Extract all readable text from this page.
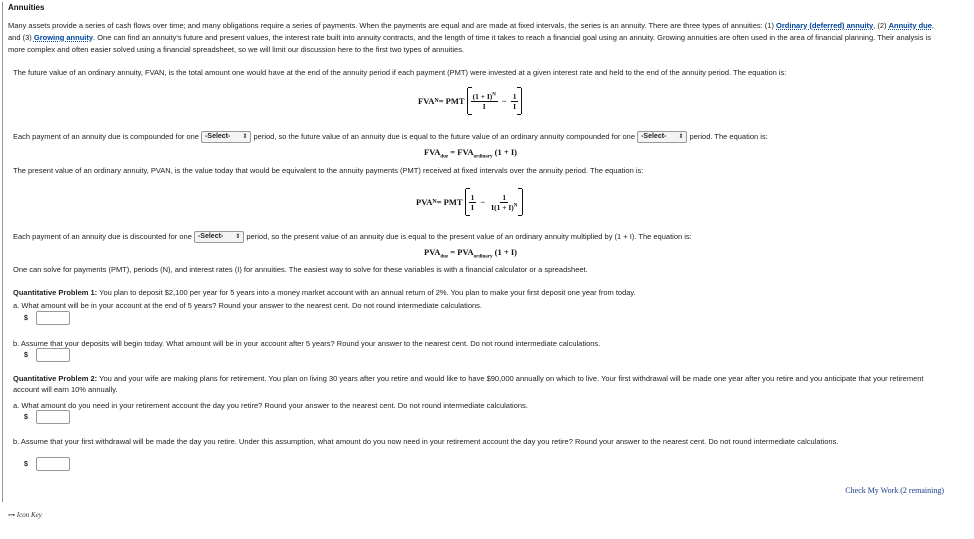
Annuities
Many assets provide a series of cash flows over time; and many obligations require a series of payments. When the payments are equal and are made at fixed intervals, the series is an annuity. There are three types of annuities: (1) Ordinary (deferred) annuity, (2) Annuity due, and (3) Growing annuity. One can find an annuity's future and present values, the interest rate built into annuity contracts, and the length of time it takes to reach a financial goal using an annuity. Growing annuities are often used in the area of financial planning. Their analysis is more complex and often easier solved using a financial spreadsheet, so we will limit our discussion here to the first two types of annuities.
The future value of an ordinary annuity, FVAN, is the total amount one would have at the end of the annuity period if each payment (PMT) were invested at a given interest rate and held to the end of the annuity period. The equation is:
FVA N = PMT $\frac{(1 + I)^N}{I} - \frac{1}{I}$
Each payment of an annuity due is compounded for one -Select- ⇕ period, so the future value of an annuity due is equal to the future value of an ordinary annuity compounded for one -Select- ⇕ period. The equation is:
$FVA_{due} = FVA_{ordinary}$ (1 + I)
The present value of an ordinary annuity, PVAN, is the value today that would be equivalent to the annuity payments (PMT) received at fixed intervals over the annuity period. The equation is:
PVA N = PMT $\frac{1}{I} - \frac{1}{I(1 + I)^N}$
Each payment of an annuity due is discounted for one -Select- ⇕ period, so the present value of an annuity due is equal to the present value of an ordinary annuity multiplied by (1 + I). The equation is:
$PVA_{due} = PVA_{ordinary}$ (1 + I)
One can solve for payments (PMT), periods (N), and interest rates (I) for annuities. The easiest way to solve for these variables is with a financial calculator or a spreadsheet.
Quantitative Problem 1: You plan to deposit $2,100 per year for 5 years into a money market account with an annual return of 2%. You plan to make your first deposit one year from today.
a. What amount will be in your account at the end of 5 years? Round your answer to the nearest cent. Do not round intermediate calculations.
$
b. Assume that your deposits will begin today. What amount will be in your account after 5 years? Round your answer to the nearest cent. Do not round intermediate calculations.
$
Quantitative Problem 2: You and your wife are making plans for retirement. You plan on living 30 years after you retire and would like to have $90,000 annually on which to live. Your first withdrawal will be made one year after you retire and you anticipate that your retirement account will earn 10% annually.
a. What amount do you need in your retirement account the day you retire? Round your answer to the nearest cent. Do not round intermediate calculations.
$
b. Assume that your first withdrawal will be made the day you retire. Under this assumption, what amount do you now need in your retirement account the day you retire? Round your answer to the nearest cent. Do not round intermediate calculations.
$
Check My Work (2 remaining)
⊶ Icon Key
